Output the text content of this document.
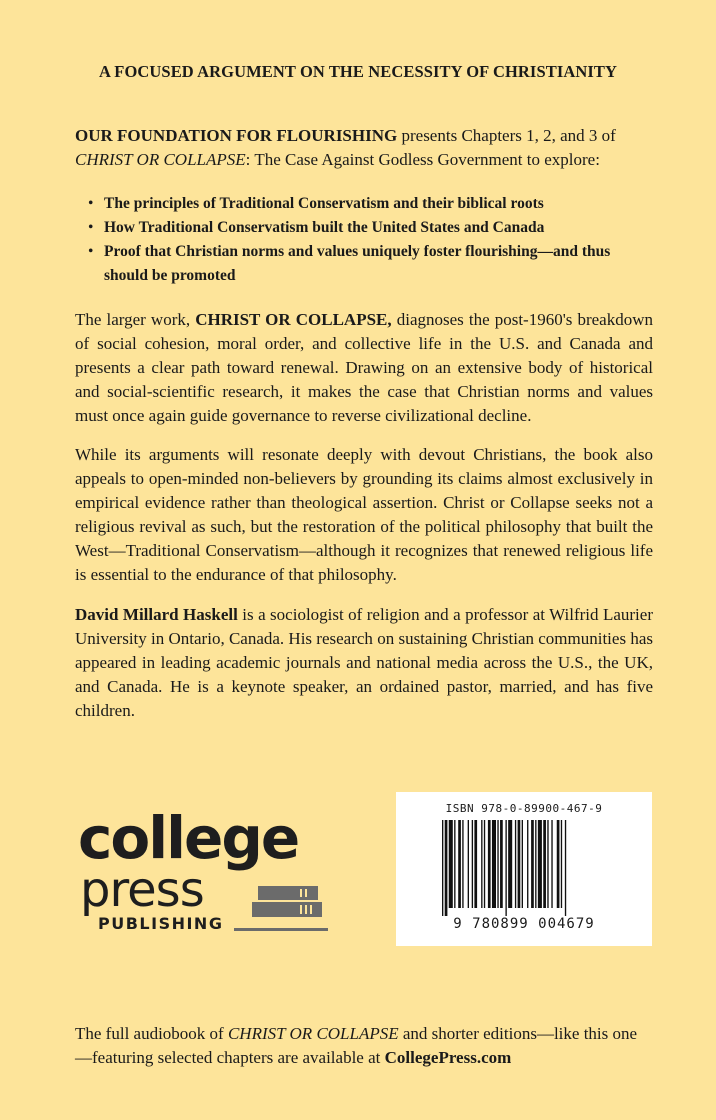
A FOCUSED ARGUMENT ON THE NECESSITY OF CHRISTIANITY

OUR FOUNDATION FOR FLOURISHING presents Chapters 1, 2, and 3 of
CHRIST OR COLLAPSE: The Case Against Godless Government to explore:

• The principles of Traditional Conservatism and their biblical roots
• How Traditional Conservatism built the United States and Canada
• Proof that Christian norms and values uniquely foster flourishing—and thus should be promoted

The larger work, CHRIST OR COLLAPSE, diagnoses the post-1960's breakdown of social cohesion, moral order, and collective life in the U.S. and Canada and presents a clear path toward renewal. Drawing on an extensive body of historical and social-scientific research, it makes the case that Christian norms and values must once again guide governance to reverse civilizational decline.

While its arguments will resonate deeply with devout Christians, the book also appeals to open-minded non-believers by grounding its claims almost exclusively in empirical evidence rather than theological assertion. Christ or Collapse seeks not a religious revival as such, but the restoration of the political philosophy that built the West—Traditional Conservatism—although it recognizes that renewed religious life is essential to the endurance of that philosophy.

David Millard Haskell is a sociologist of religion and a professor at Wilfrid Laurier University in Ontario, Canada. His research on sustaining Christian communities has appeared in leading academic journals and national media across the U.S., the UK, and Canada. He is a keynote speaker, an ordained pastor, married, and has five children.

college
press
PUBLISHING
ISBN 978-0-89900-467-9
9 780899 004679

The full audiobook of CHRIST OR COLLAPSE and shorter editions—like this one—featuring selected chapters are available at CollegePress.com
